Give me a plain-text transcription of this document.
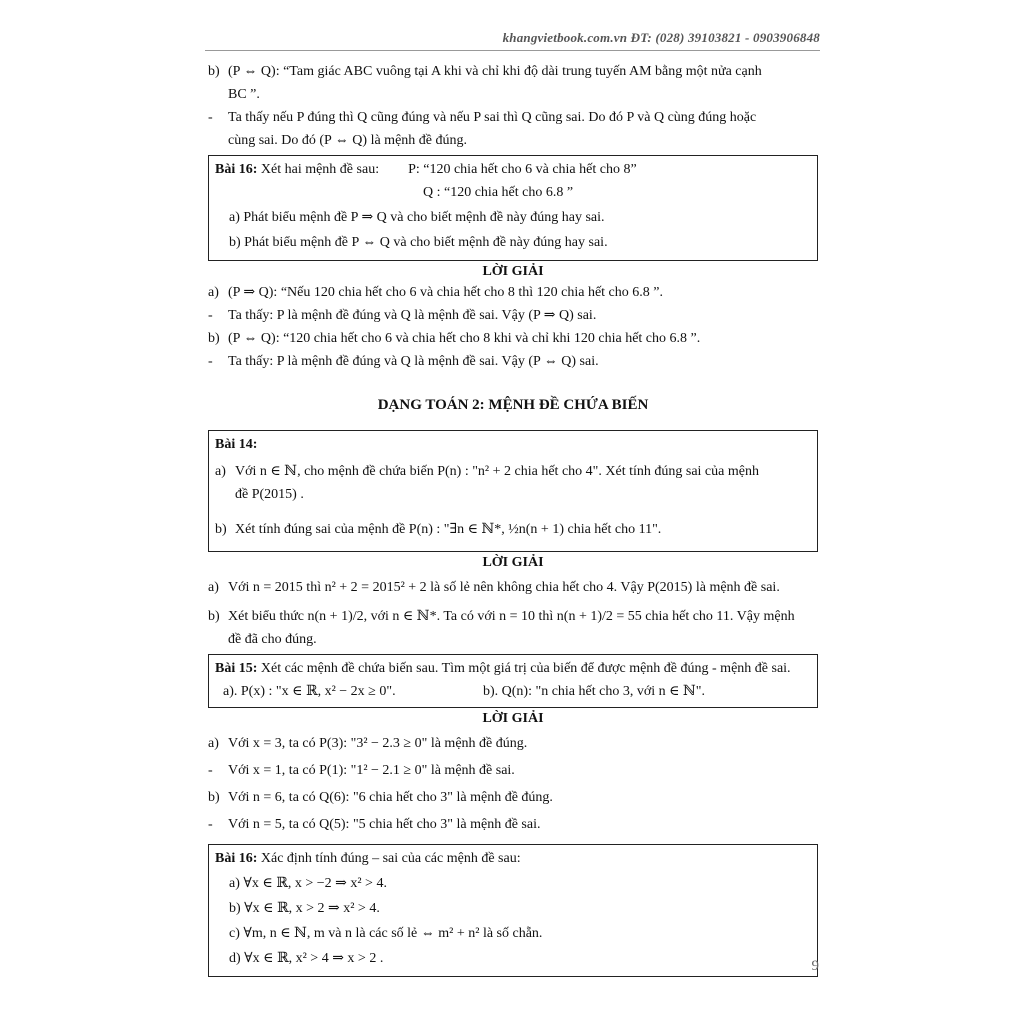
khangvietbook.com.vn ĐT: (028) 39103821 - 0903906848
b) (P ⇔ Q): “Tam giác ABC vuông tại A khi và chỉ khi độ dài trung tuyến AM bằng một nửa cạnh
BC ”.
- Ta thấy nếu P đúng thì Q cũng đúng và nếu P sai thì Q cũng sai. Do đó P và Q cùng đúng hoặc
cùng sai. Do đó (P ⇔ Q) là mệnh đề đúng.
Bài 16: Xét hai mệnh đề sau: P: “120 chia hết cho 6 và chia hết cho 8”
Q : “120 chia hết cho 6.8 ”
a) Phát biểu mệnh đề P ⇒ Q và cho biết mệnh đề này đúng hay sai.
b) Phát biểu mệnh đề P ⇔ Q và cho biết mệnh đề này đúng hay sai.
LỜI GIẢI
a) (P ⇒ Q): “Nếu 120 chia hết cho 6 và chia hết cho 8 thì 120 chia hết cho 6.8 ”.
- Ta thấy: P là mệnh đề đúng và Q là mệnh đề sai. Vậy (P ⇒ Q) sai.
b) (P ⇔ Q): “120 chia hết cho 6 và chia hết cho 8 khi và chỉ khi 120 chia hết cho 6.8 ”.
- Ta thấy: P là mệnh đề đúng và Q là mệnh đề sai. Vậy (P ⇔ Q) sai.
DẠNG TOÁN 2: MỆNH ĐỀ CHỨA BIẾN
Bài 14:
a) Với n ∈ ℕ, cho mệnh đề chứa biến P(n) : "n² + 2 chia hết cho 4". Xét tính đúng sai của mệnh
đề P(2015) .
b) Xét tính đúng sai của mệnh đề P(n) : "∃n ∈ ℕ*, ½n(n + 1) chia hết cho 11".
LỜI GIẢI
a) Với n = 2015 thì n² + 2 = 2015² + 2 là số lẻ nên không chia hết cho 4. Vậy P(2015) là mệnh đề sai.
b) Xét biểu thức n(n + 1)/2, với n ∈ ℕ*. Ta có với n = 10 thì n(n + 1)/2 = 55 chia hết cho 11. Vậy mệnh
đề đã cho đúng.
Bài 15: Xét các mệnh đề chứa biến sau. Tìm một giá trị của biến để được mệnh đề đúng - mệnh đề sai.
a). P(x) : "x ∈ ℝ, x² − 2x ≥ 0".	b). Q(n): "n chia hết cho 3, với n ∈ ℕ".
LỜI GIẢI
a) Với x = 3, ta có P(3): "3² − 2.3 ≥ 0" là mệnh đề đúng.
- Với x = 1, ta có P(1): "1² − 2.1 ≥ 0" là mệnh đề sai.
b) Với n = 6, ta có Q(6): "6 chia hết cho 3" là mệnh đề đúng.
- Với n = 5, ta có Q(5): "5 chia hết cho 3" là mệnh đề sai.
Bài 16: Xác định tính đúng – sai của các mệnh đề sau:
a) ∀x ∈ ℝ, x > −2 ⇒ x² > 4.
b) ∀x ∈ ℝ, x > 2 ⇒ x² > 4.
c) ∀m, n ∈ ℕ, m và n là các số lẻ ⇔ m² + n² là số chẵn.
d) ∀x ∈ ℝ, x² > 4 ⇒ x > 2 .	9
